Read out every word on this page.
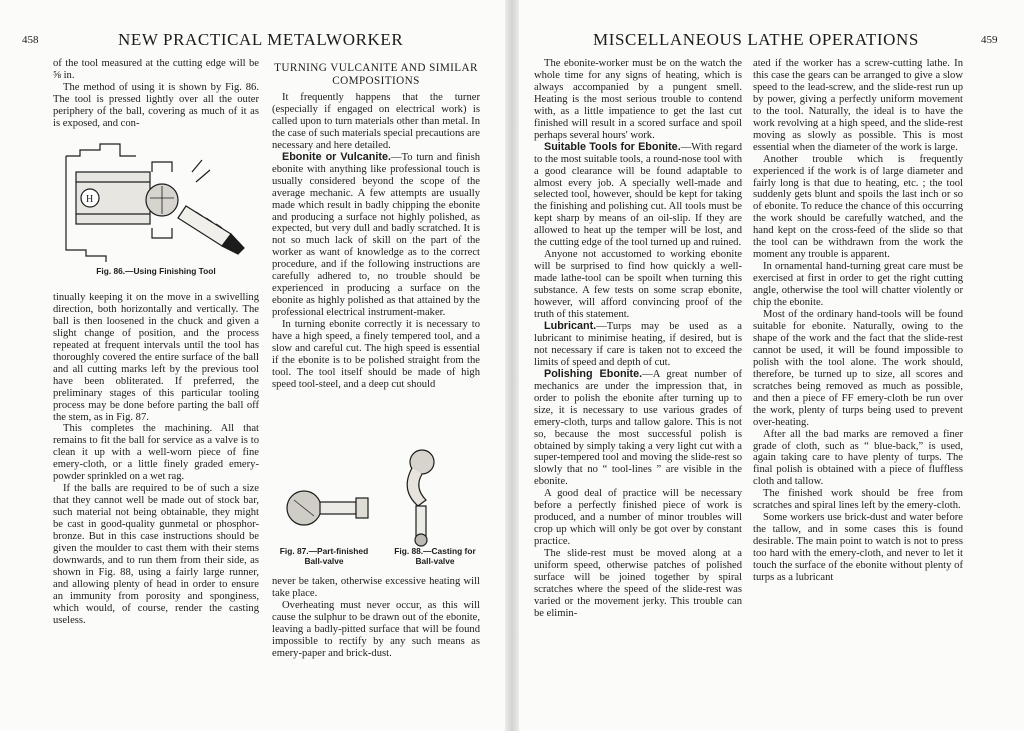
458	NEW PRACTICAL METALWORKER

of the tool measured at the cutting edge will be ⅝ in.

The method of using it is shown by Fig. 86. The tool is pressed lightly over all the outer periphery of the ball, covering as much of it as is exposed, and con-

H
Fig. 86.—Using Finishing Tool

tinually keeping it on the move in a swivelling direction, both horizontally and vertically. The ball is then loosened in the chuck and given a slight change of position, and the process repeated at frequent intervals until the tool has thoroughly covered the entire surface of the ball and all cutting marks left by the previous tool have been obliterated. If preferred, the preliminary stages of this particular tooling process may be done before parting the ball off the stem, as in Fig. 87.

This completes the machining. All that remains to fit the ball for service as a valve is to clean it up with a well-worn piece of fine emery-cloth, or a little finely graded emery-powder sprinkled on a wet rag.

If the balls are required to be of such a size that they cannot well be made out of stock bar, such material not being obtainable, they might be cast in good-quality gunmetal or phosphor-bronze. But in this case instructions should be given the moulder to cast them with their stems downwards, and to run them from their side, as shown in Fig. 88, using a fairly large runner, and allowing plenty of head in order to ensure an immunity from porosity and sponginess, which would, of course, render the casting useless.

TURNING VULCANITE AND SIMILAR COMPOSITIONS

It frequently happens that the turner (especially if engaged on electrical work) is called upon to turn materials other than metal. In the case of such materials special precautions are necessary and here detailed.

Ebonite or Vulcanite.—To turn and finish ebonite with anything like professional touch is usually considered beyond the scope of the average mechanic. A few attempts are usually made which result in badly chipping the ebonite and producing a surface not highly polished, as expected, but very dull and badly scratched. It is not so much lack of skill on the part of the worker as want of knowledge as to the correct procedure, and if the following instructions are carefully adhered to, no trouble should be experienced in producing a surface on the ebonite as highly polished as that attained by the professional electrical instrument-maker.

In turning ebonite correctly it is necessary to have a high speed, a finely tempered tool, and a slow and careful cut. The high speed is essential if the ebonite is to be polished straight from the tool. The tool itself should be made of high speed tool-steel, and a deep cut should

Fig. 87.—Part-finished Ball-valve
Fig. 88.—Casting for Ball-valve

never be taken, otherwise excessive heating will take place.

Overheating must never occur, as this will cause the sulphur to be drawn out of the ebonite, leaving a badly-pitted surface that will be found impossible to rectify by any such means as emery-paper and brick-dust.

MISCELLANEOUS LATHE OPERATIONS	459

The ebonite-worker must be on the watch the whole time for any signs of heating, which is always accompanied by a pungent smell. Heating is the most serious trouble to contend with, as a little impatience to get the last cut finished will result in a scored surface and spoil perhaps several hours' work.

Suitable Tools for Ebonite.—With regard to the most suitable tools, a round-nose tool with a good clearance will be found adaptable to almost every job. A specially well-made and selected tool, however, should be kept for taking the finishing and polishing cut. All tools must be kept sharp by means of an oil-slip. If they are allowed to heat up the temper will be lost, and the cutting edge of the tool turned up and ruined.

Anyone not accustomed to working ebonite will be surprised to find how quickly a well-made lathe-tool can be spoilt when turning this substance. A few tests on some scrap ebonite, however, will afford convincing proof of the truth of this statement.

Lubricant.—Turps may be used as a lubricant to minimise heating, if desired, but is not necessary if care is taken not to exceed the limits of speed and depth of cut.

Polishing Ebonite.—A great number of mechanics are under the impression that, in order to polish the ebonite after turning up to size, it is necessary to use various grades of emery-cloth, turps and tallow galore. This is not so, because the most successful polish is obtained by simply taking a very light cut with a super-tempered tool and moving the slide-rest so slowly that no “ tool-lines ” are visible in the ebonite.

A good deal of practice will be necessary before a perfectly finished piece of work is produced, and a number of minor troubles will crop up which will only be got over by constant practice.

The slide-rest must be moved along at a uniform speed, otherwise patches of polished surface will be joined together by spiral scratches where the speed of the slide-rest was varied or the movement jerky. This trouble can be elimin-

ated if the worker has a screw-cutting lathe. In this case the gears can be arranged to give a slow speed to the lead-screw, and the slide-rest run up by power, giving a perfectly uniform movement to the tool. Naturally, the ideal is to have the work revolving at a high speed, and the slide-rest moving as slowly as possible. This is most essential when the diameter of the work is large.

Another trouble which is frequently experienced if the work is of large diameter and fairly long is that due to heating, etc. ; the tool suddenly gets blunt and spoils the last inch or so of ebonite. To reduce the chance of this occurring the work should be carefully watched, and the hand kept on the cross-feed of the slide so that the tool can be withdrawn from the work the moment any trouble is apparent.

In ornamental hand-turning great care must be exercised at first in order to get the right cutting angle, otherwise the tool will chatter violently or chip the ebonite.

Most of the ordinary hand-tools will be found suitable for ebonite. Naturally, owing to the shape of the work and the fact that the slide-rest cannot be used, it will be found impossible to polish with the tool alone. The work should, therefore, be turned up to size, all scores and scratches being removed as much as possible, and then a piece of FF emery-cloth be run over the work, plenty of turps being used to prevent over-heating.

After all the bad marks are removed a finer grade of cloth, such as “ blue-back,” is used, again taking care to have plenty of turps. The final polish is obtained with a piece of fluffless cloth and tallow.

The finished work should be free from scratches and spiral lines left by the emery-cloth.

Some workers use brick-dust and water before the tallow, and in some cases this is found desirable. The main point to watch is not to press too hard with the emery-cloth, and never to let it touch the surface of the ebonite without plenty of turps as a lubricant
